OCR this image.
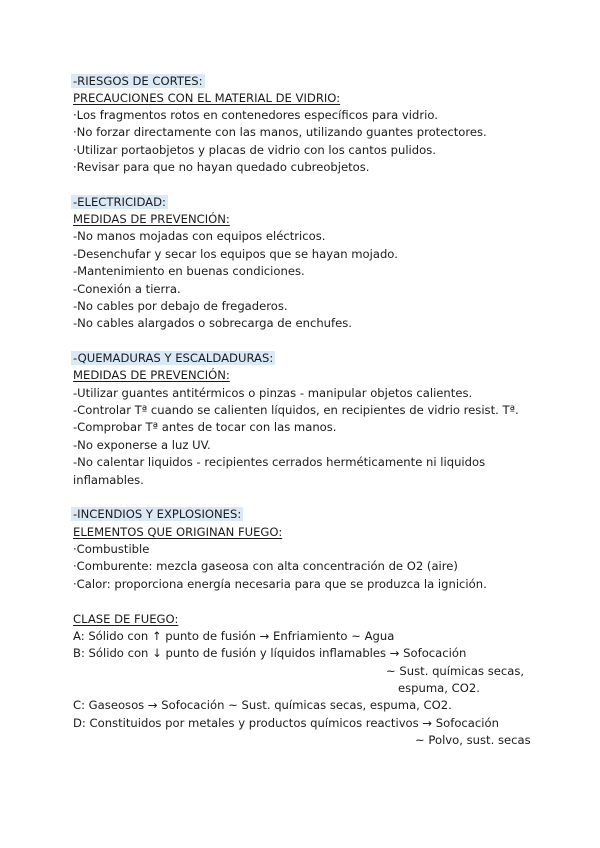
-RIESGOS DE CORTES:
PRECAUCIONES CON EL MATERIAL DE VIDRIO:
·Los fragmentos rotos en contenedores específicos para vidrio.
·No forzar directamente con las manos, utilizando guantes protectores.
·Utilizar portaobjetos y placas de vidrio con los cantos pulidos.
·Revisar para que no hayan quedado cubreobjetos.
-ELECTRICIDAD:
MEDIDAS DE PREVENCIÓN:
-No manos mojadas con equipos eléctricos.
-Desenchufar y secar los equipos que se hayan mojado.
-Mantenimiento en buenas condiciones.
-Conexión a tierra.
-No cables por debajo de fregaderos.
-No cables alargados o sobrecarga de enchufes.
-QUEMADURAS Y ESCALDADURAS:
MEDIDAS DE PREVENCIÓN:
-Utilizar guantes antitérmicos o pinzas - manipular objetos calientes.
-Controlar Tª cuando se calienten líquidos, en recipientes de vidrio resist. Tª.
-Comprobar Tª antes de tocar con las manos.
-No exponerse a luz UV.
-No calentar liquidos - recipientes cerrados herméticamente ni liquidos
inflamables.
-INCENDIOS Y EXPLOSIONES:
ELEMENTOS QUE ORIGINAN FUEGO:
·Combustible
·Comburente: mezcla gaseosa con alta concentración de O2 (aire)
·Calor: proporciona energía necesaria para que se produzca la ignición.
CLASE DE FUEGO:
A: Sólido con ↑ punto de fusión → Enfriamiento ~ Agua
B: Sólido con ↓ punto de fusión y líquidos inflamables → Sofocación
~ Sust. químicas secas,
espuma, CO2.
C: Gaseosos → Sofocación ~ Sust. químicas secas, espuma, CO2.
D: Constituidos por metales y productos químicos reactivos → Sofocación
~ Polvo, sust. secas
